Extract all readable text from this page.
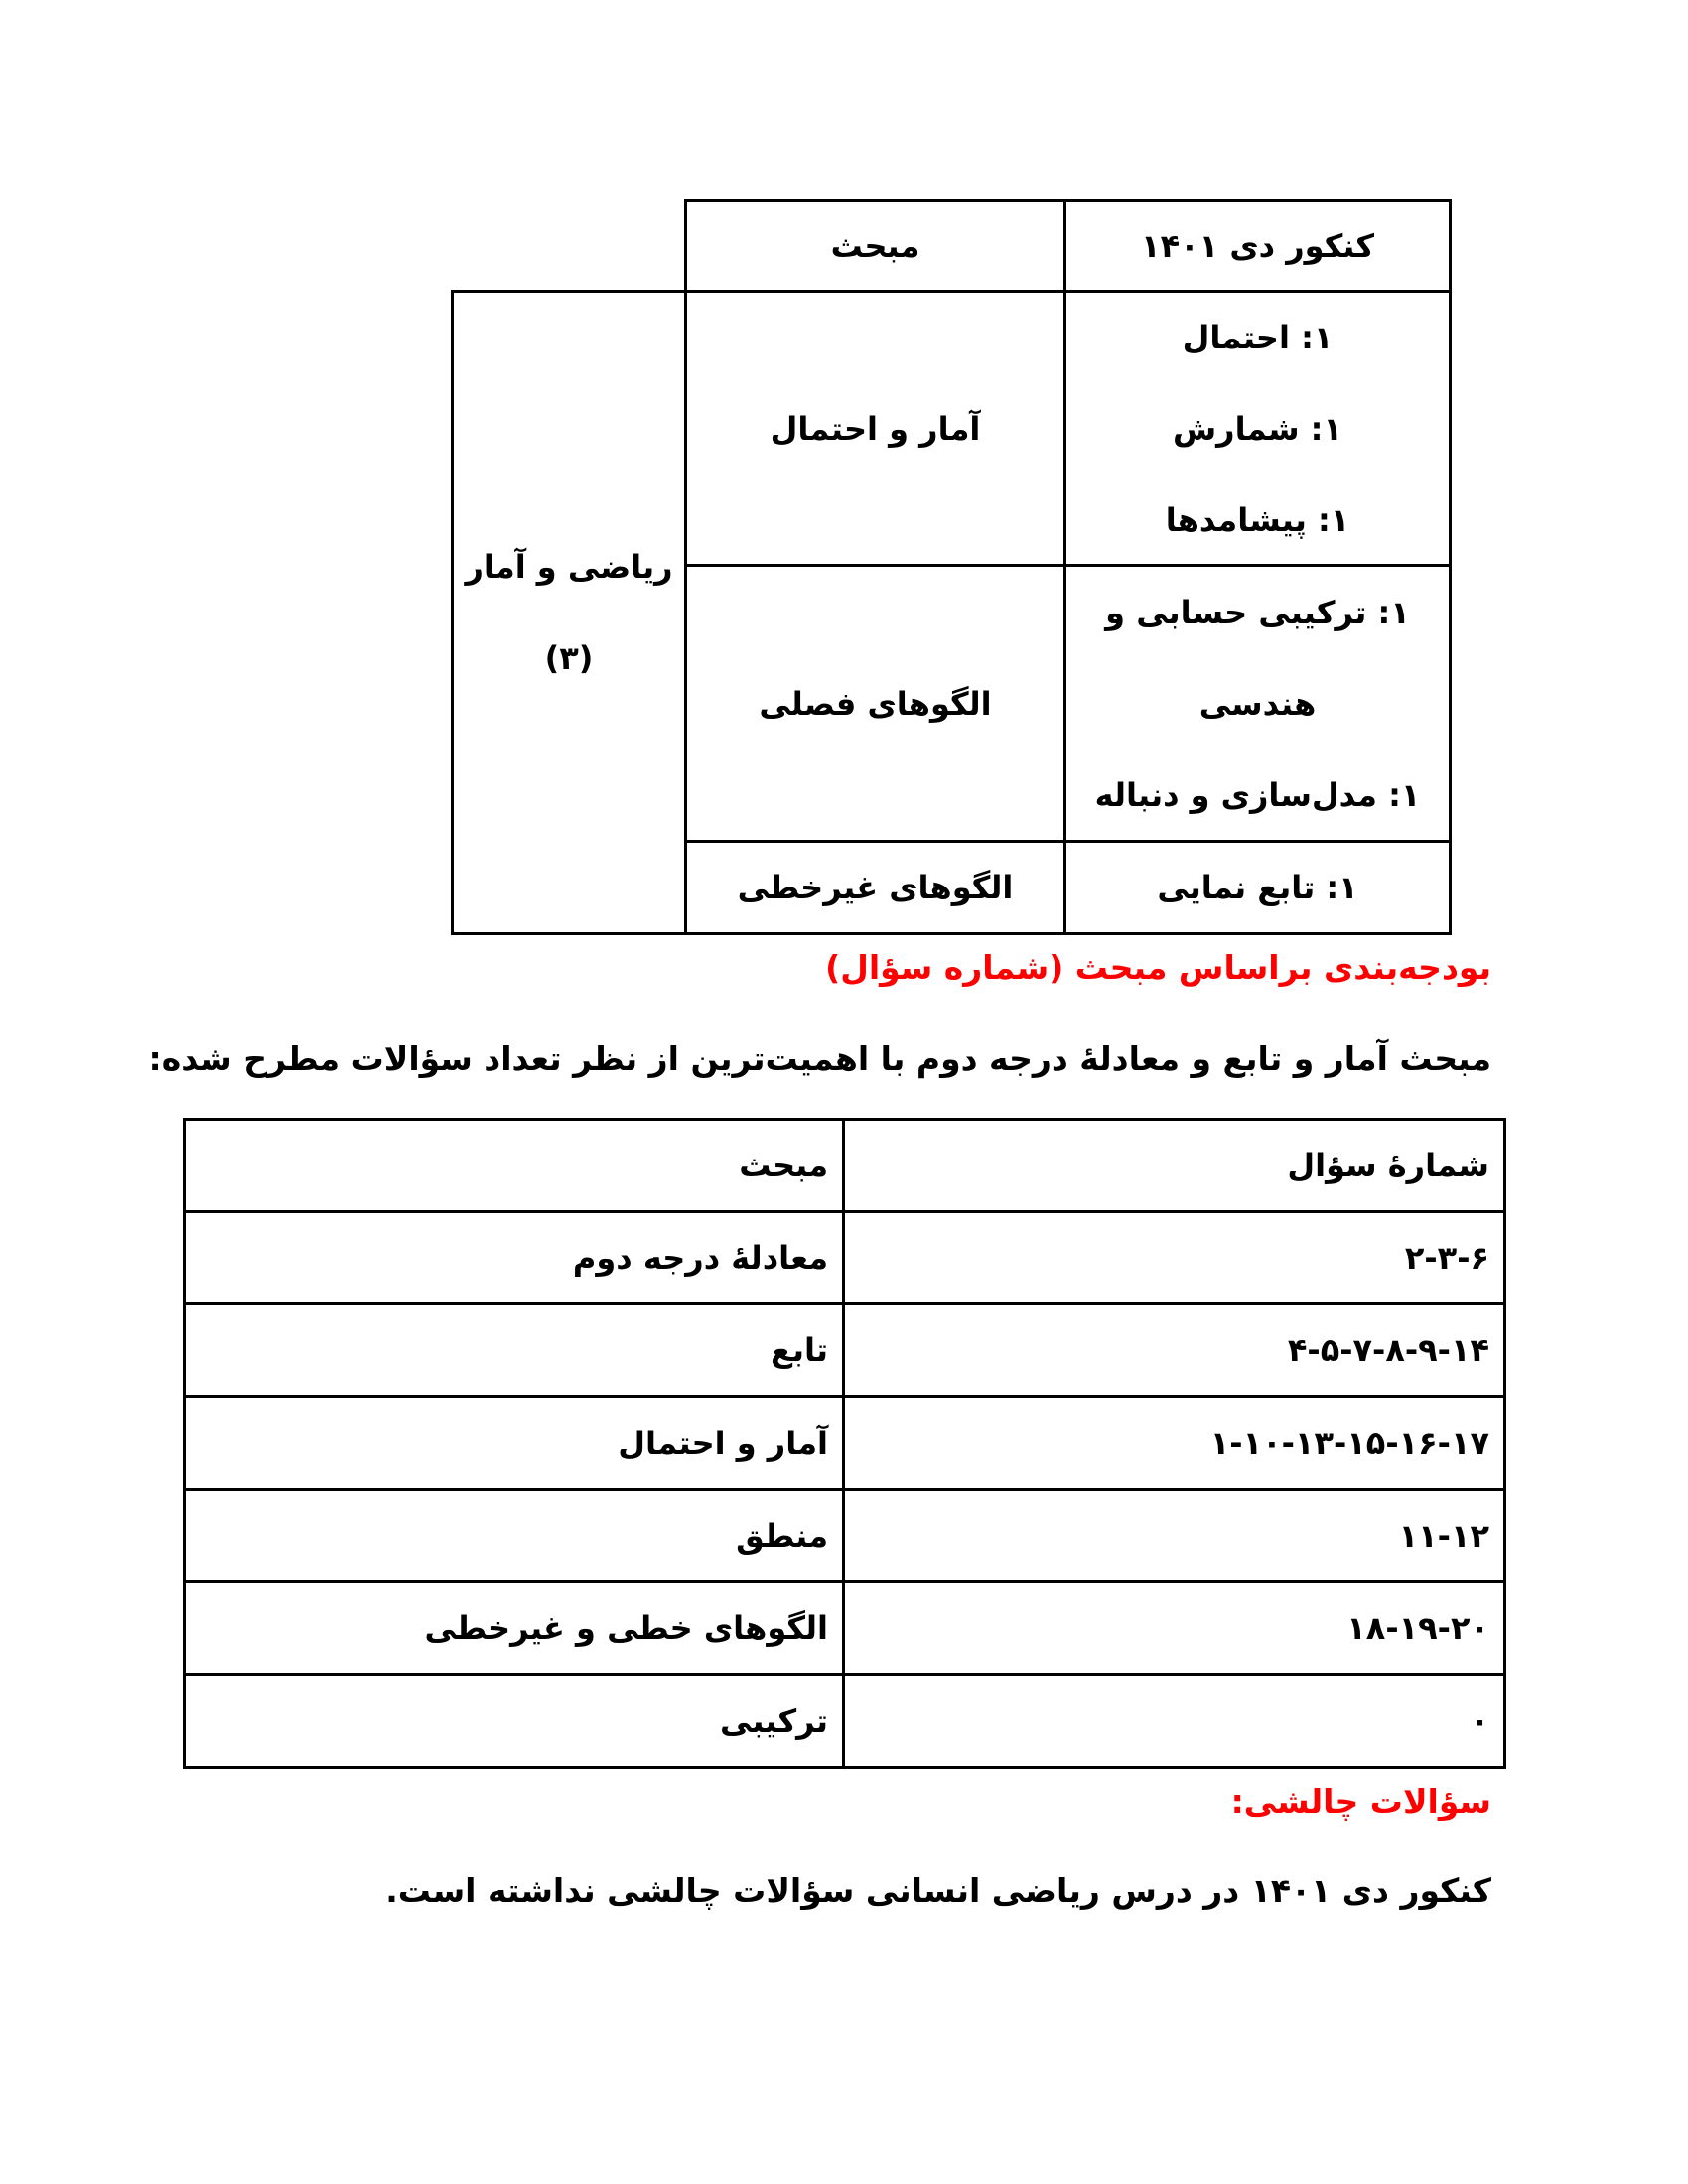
کنکور دی ۱۴۰۱
مبحث
ریاضی و آمار
(۳)
آمار و احتمال
۱: احتمال
۱: شمارش
۱: پیشامدها
الگوهای فصلی
۱: ترکیبی حسابی و
هندسی
۱: مدل‌سازی و دنباله
الگوهای غیرخطی	۱: تابع نمایی
بودجه‌بندی براساس مبحث (شماره سؤال)
مبحث آمار و تابع و معادلهٔ درجه دوم با اهمیت‌ترین از نظر تعداد سؤالات مطرح شده:
شمارهٔ سؤال
مبحث
۲-۳-۶
معادلهٔ درجه دوم
۴-۵-۷-۸-۹-۱۴
تابع
۱-۱۰-۱۳-۱۵-۱۶-۱۷
آمار و احتمال
۱۱-۱۲
منطق
۱۸-۱۹-۲۰
الگوهای خطی و غیرخطی
۰
ترکیبی
سؤالات چالشی:
کنکور دی ۱۴۰۱ در درس ریاضی انسانی سؤالات چالشی نداشته است.
